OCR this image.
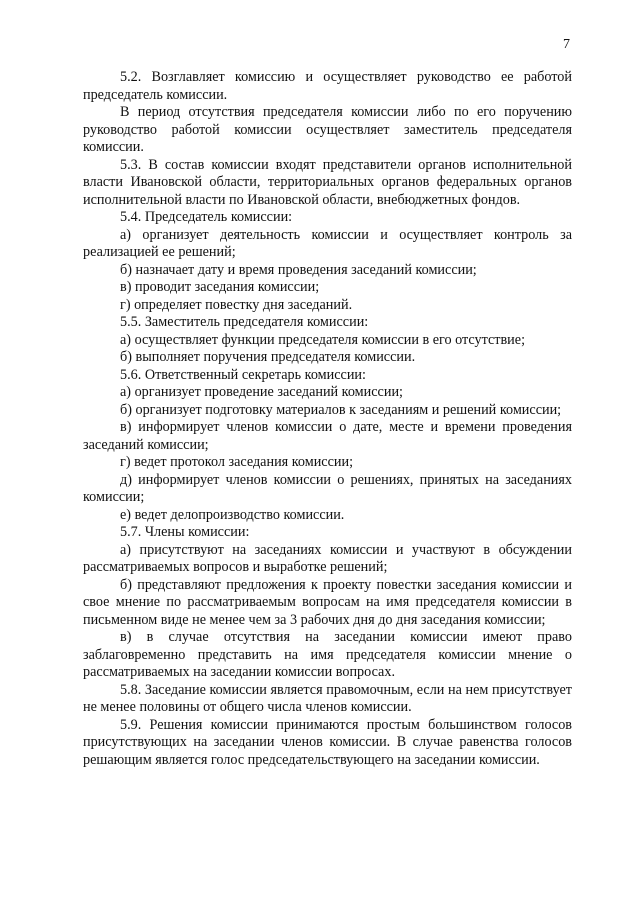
7

5.2. Возглавляет комиссию и осуществляет руководство ее работой председатель комиссии.

В период отсутствия председателя комиссии либо по его поручению руководство работой комиссии осуществляет заместитель председателя комиссии.

5.3. В состав комиссии входят представители органов исполнительной власти Ивановской области, территориальных органов федеральных органов исполнительной власти по Ивановской области, внебюджетных фондов.

5.4. Председатель комиссии:

а) организует деятельность комиссии и осуществляет контроль за реализацией ее решений;

б) назначает дату и время проведения заседаний комиссии;

в) проводит заседания комиссии;

г) определяет повестку дня заседаний.

5.5. Заместитель председателя комиссии:

а) осуществляет функции председателя комиссии в его отсутствие;

б) выполняет поручения председателя комиссии.

5.6. Ответственный секретарь комиссии:

а) организует проведение заседаний комиссии;

б) организует подготовку материалов к заседаниям и решений комиссии;

в) информирует членов комиссии о дате, месте и времени проведения заседаний комиссии;

г) ведет протокол заседания комиссии;

д) информирует членов комиссии о решениях, принятых на заседаниях комиссии;

е) ведет делопроизводство комиссии.

5.7. Члены комиссии:

а) присутствуют на заседаниях комиссии и участвуют в обсуждении рассматриваемых вопросов и выработке решений;

б) представляют предложения к проекту повестки заседания комиссии и свое мнение по рассматриваемым вопросам на имя председателя комиссии в письменном виде не менее чем за 3 рабочих дня до дня заседания комиссии;

в) в случае отсутствия на заседании комиссии имеют право заблаговременно представить на имя председателя комиссии мнение о рассматриваемых на заседании комиссии вопросах.

5.8. Заседание комиссии является правомочным, если на нем присутствует не менее половины от общего числа членов комиссии.

5.9. Решения комиссии принимаются простым большинством голосов присутствующих на заседании членов комиссии. В случае равенства голосов решающим является голос председательствующего на заседании комиссии.
